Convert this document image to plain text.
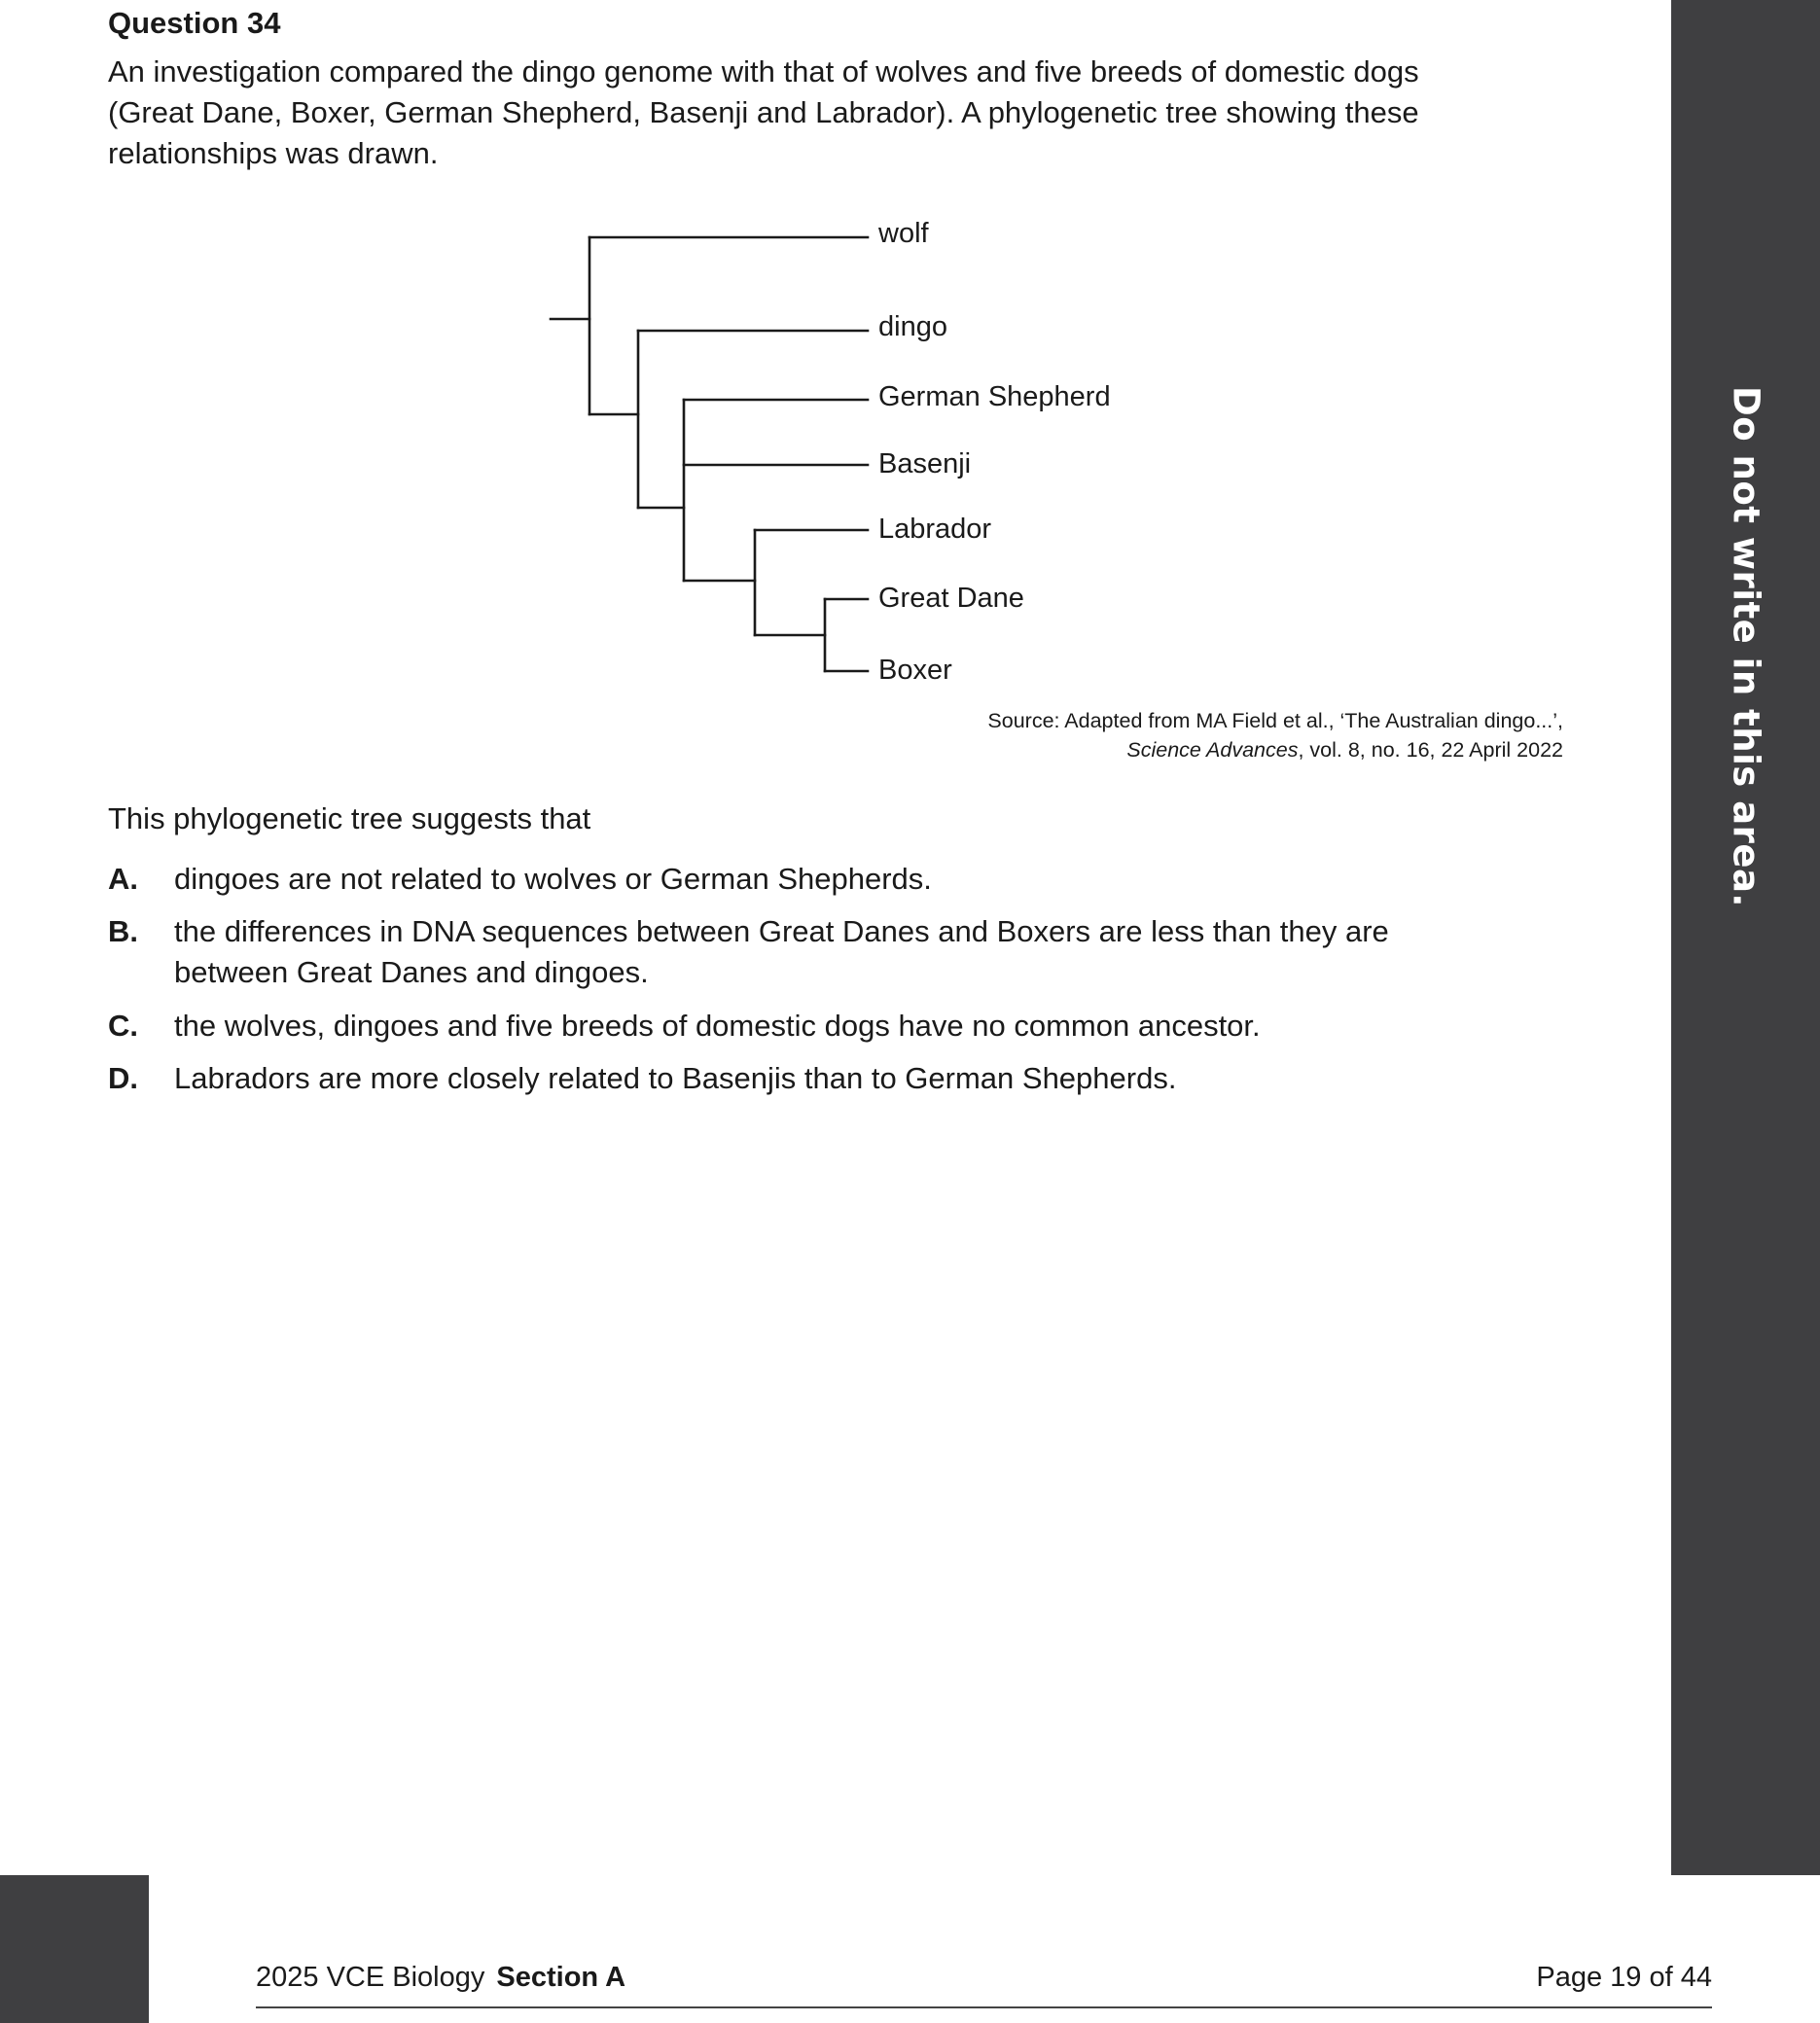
Do not write in this area.
Question 34
An investigation compared the dingo genome with that of wolves and five breeds of domestic dogs
(Great Dane, Boxer, German Shepherd, Basenji and Labrador). A phylogenetic tree showing these
relationships was drawn.
wolf
dingo
German Shepherd
Basenji
Labrador
Great Dane
Boxer
Source: Adapted from MA Field et al., ‘The Australian dingo...’,
Science Advances, vol. 8, no. 16, 22 April 2022
This phylogenetic tree suggests that
A. dingoes are not related to wolves or German Shepherds.
B. the differences in DNA sequences between Great Danes and Boxers are less than they are
between Great Danes and dingoes.
C. the wolves, dingoes and five breeds of domestic dogs have no common ancestor.
D. Labradors are more closely related to Basenjis than to German Shepherds.
2025 VCE Biology Section A	Page 19 of 44
